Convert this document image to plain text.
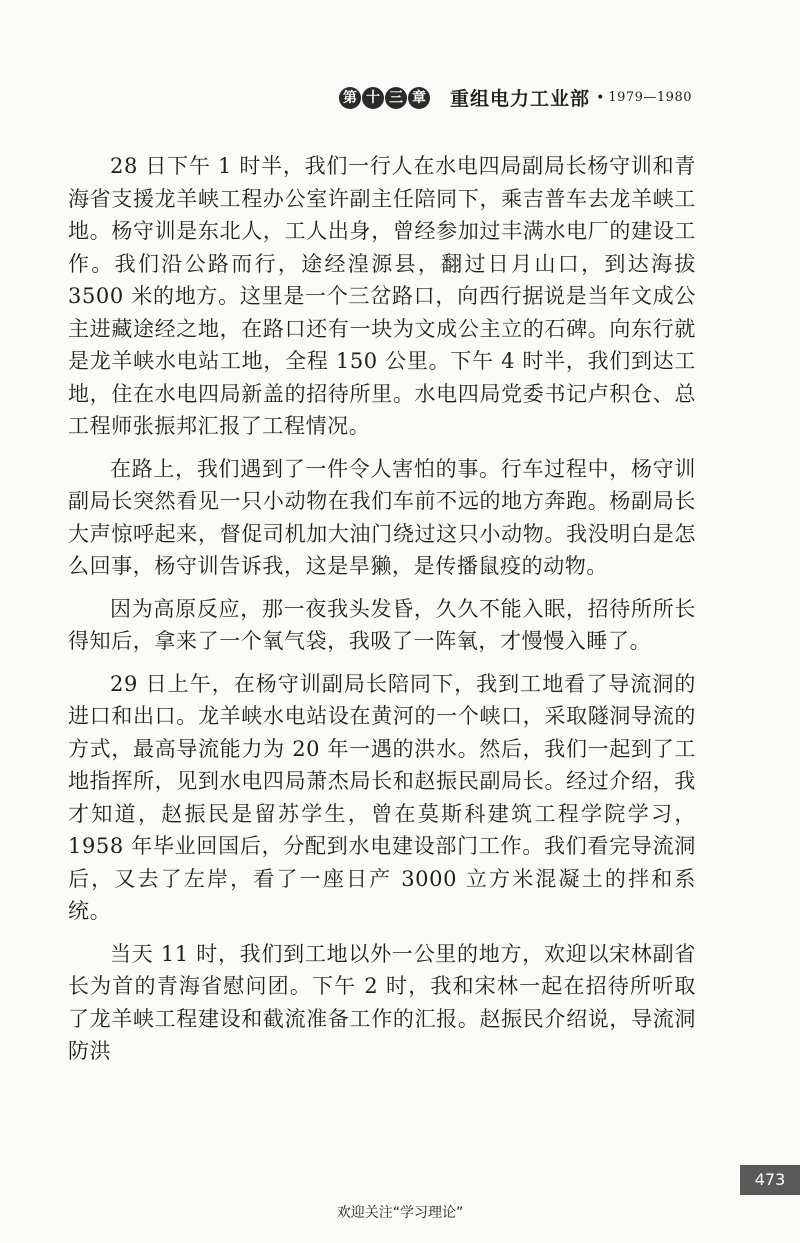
第 十 三 章 重组电力工业部 • 1979—1980

28 日下午 1 时半，我们一行人在水电四局副局长杨守训和青海省支援龙羊峡工程办公室许副主任陪同下，乘吉普车去龙羊峡工地。杨守训是东北人，工人出身，曾经参加过丰满水电厂的建设工作。我们沿公路而行，途经湟源县，翻过日月山口，到达海拔 3500 米的地方。这里是一个三岔路口，向西行据说是当年文成公主进藏途经之地，在路口还有一块为文成公主立的石碑。向东行就是龙羊峡水电站工地，全程 150 公里。下午 4 时半，我们到达工地，住在水电四局新盖的招待所里。水电四局党委书记卢积仓、总工程师张振邦汇报了工程情况。

在路上，我们遇到了一件令人害怕的事。行车过程中，杨守训副局长突然看见一只小动物在我们车前不远的地方奔跑。杨副局长大声惊呼起来，督促司机加大油门绕过这只小动物。我没明白是怎么回事，杨守训告诉我，这是旱獭，是传播鼠疫的动物。

因为高原反应，那一夜我头发昏，久久不能入眠，招待所所长得知后，拿来了一个氧气袋，我吸了一阵氧，才慢慢入睡了。

29 日上午，在杨守训副局长陪同下，我到工地看了导流洞的进口和出口。龙羊峡水电站设在黄河的一个峡口，采取隧洞导流的方式，最高导流能力为 20 年一遇的洪水。然后，我们一起到了工地指挥所，见到水电四局萧杰局长和赵振民副局长。经过介绍，我才知道，赵振民是留苏学生，曾在莫斯科建筑工程学院学习，1958 年毕业回国后，分配到水电建设部门工作。我们看完导流洞后，又去了左岸，看了一座日产 3000 立方米混凝土的拌和系统。

当天 11 时，我们到工地以外一公里的地方，欢迎以宋林副省长为首的青海省慰问团。下午 2 时，我和宋林一起在招待所听取了龙羊峡工程建设和截流准备工作的汇报。赵振民介绍说，导流洞防洪

473
欢迎关注“学习理论”
